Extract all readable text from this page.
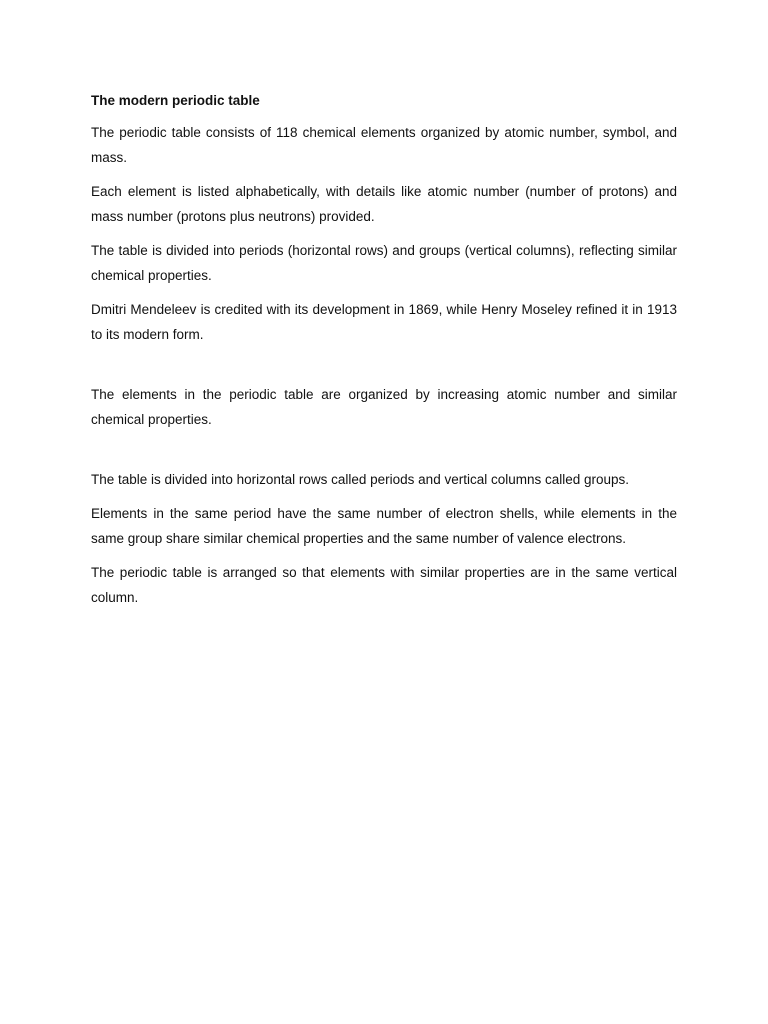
The modern periodic table

The periodic table consists of 118 chemical elements organized by atomic number, symbol, and mass.

Each element is listed alphabetically, with details like atomic number (number of protons) and mass number (protons plus neutrons) provided.

The table is divided into periods (horizontal rows) and groups (vertical columns), reflecting similar chemical properties.

Dmitri Mendeleev is credited with its development in 1869, while Henry Moseley refined it in 1913 to its modern form.

The elements in the periodic table are organized by increasing atomic number and similar chemical properties.

The table is divided into horizontal rows called periods and vertical columns called groups.

Elements in the same period have the same number of electron shells, while elements in the same group share similar chemical properties and the same number of valence electrons.

The periodic table is arranged so that elements with similar properties are in the same vertical column.
